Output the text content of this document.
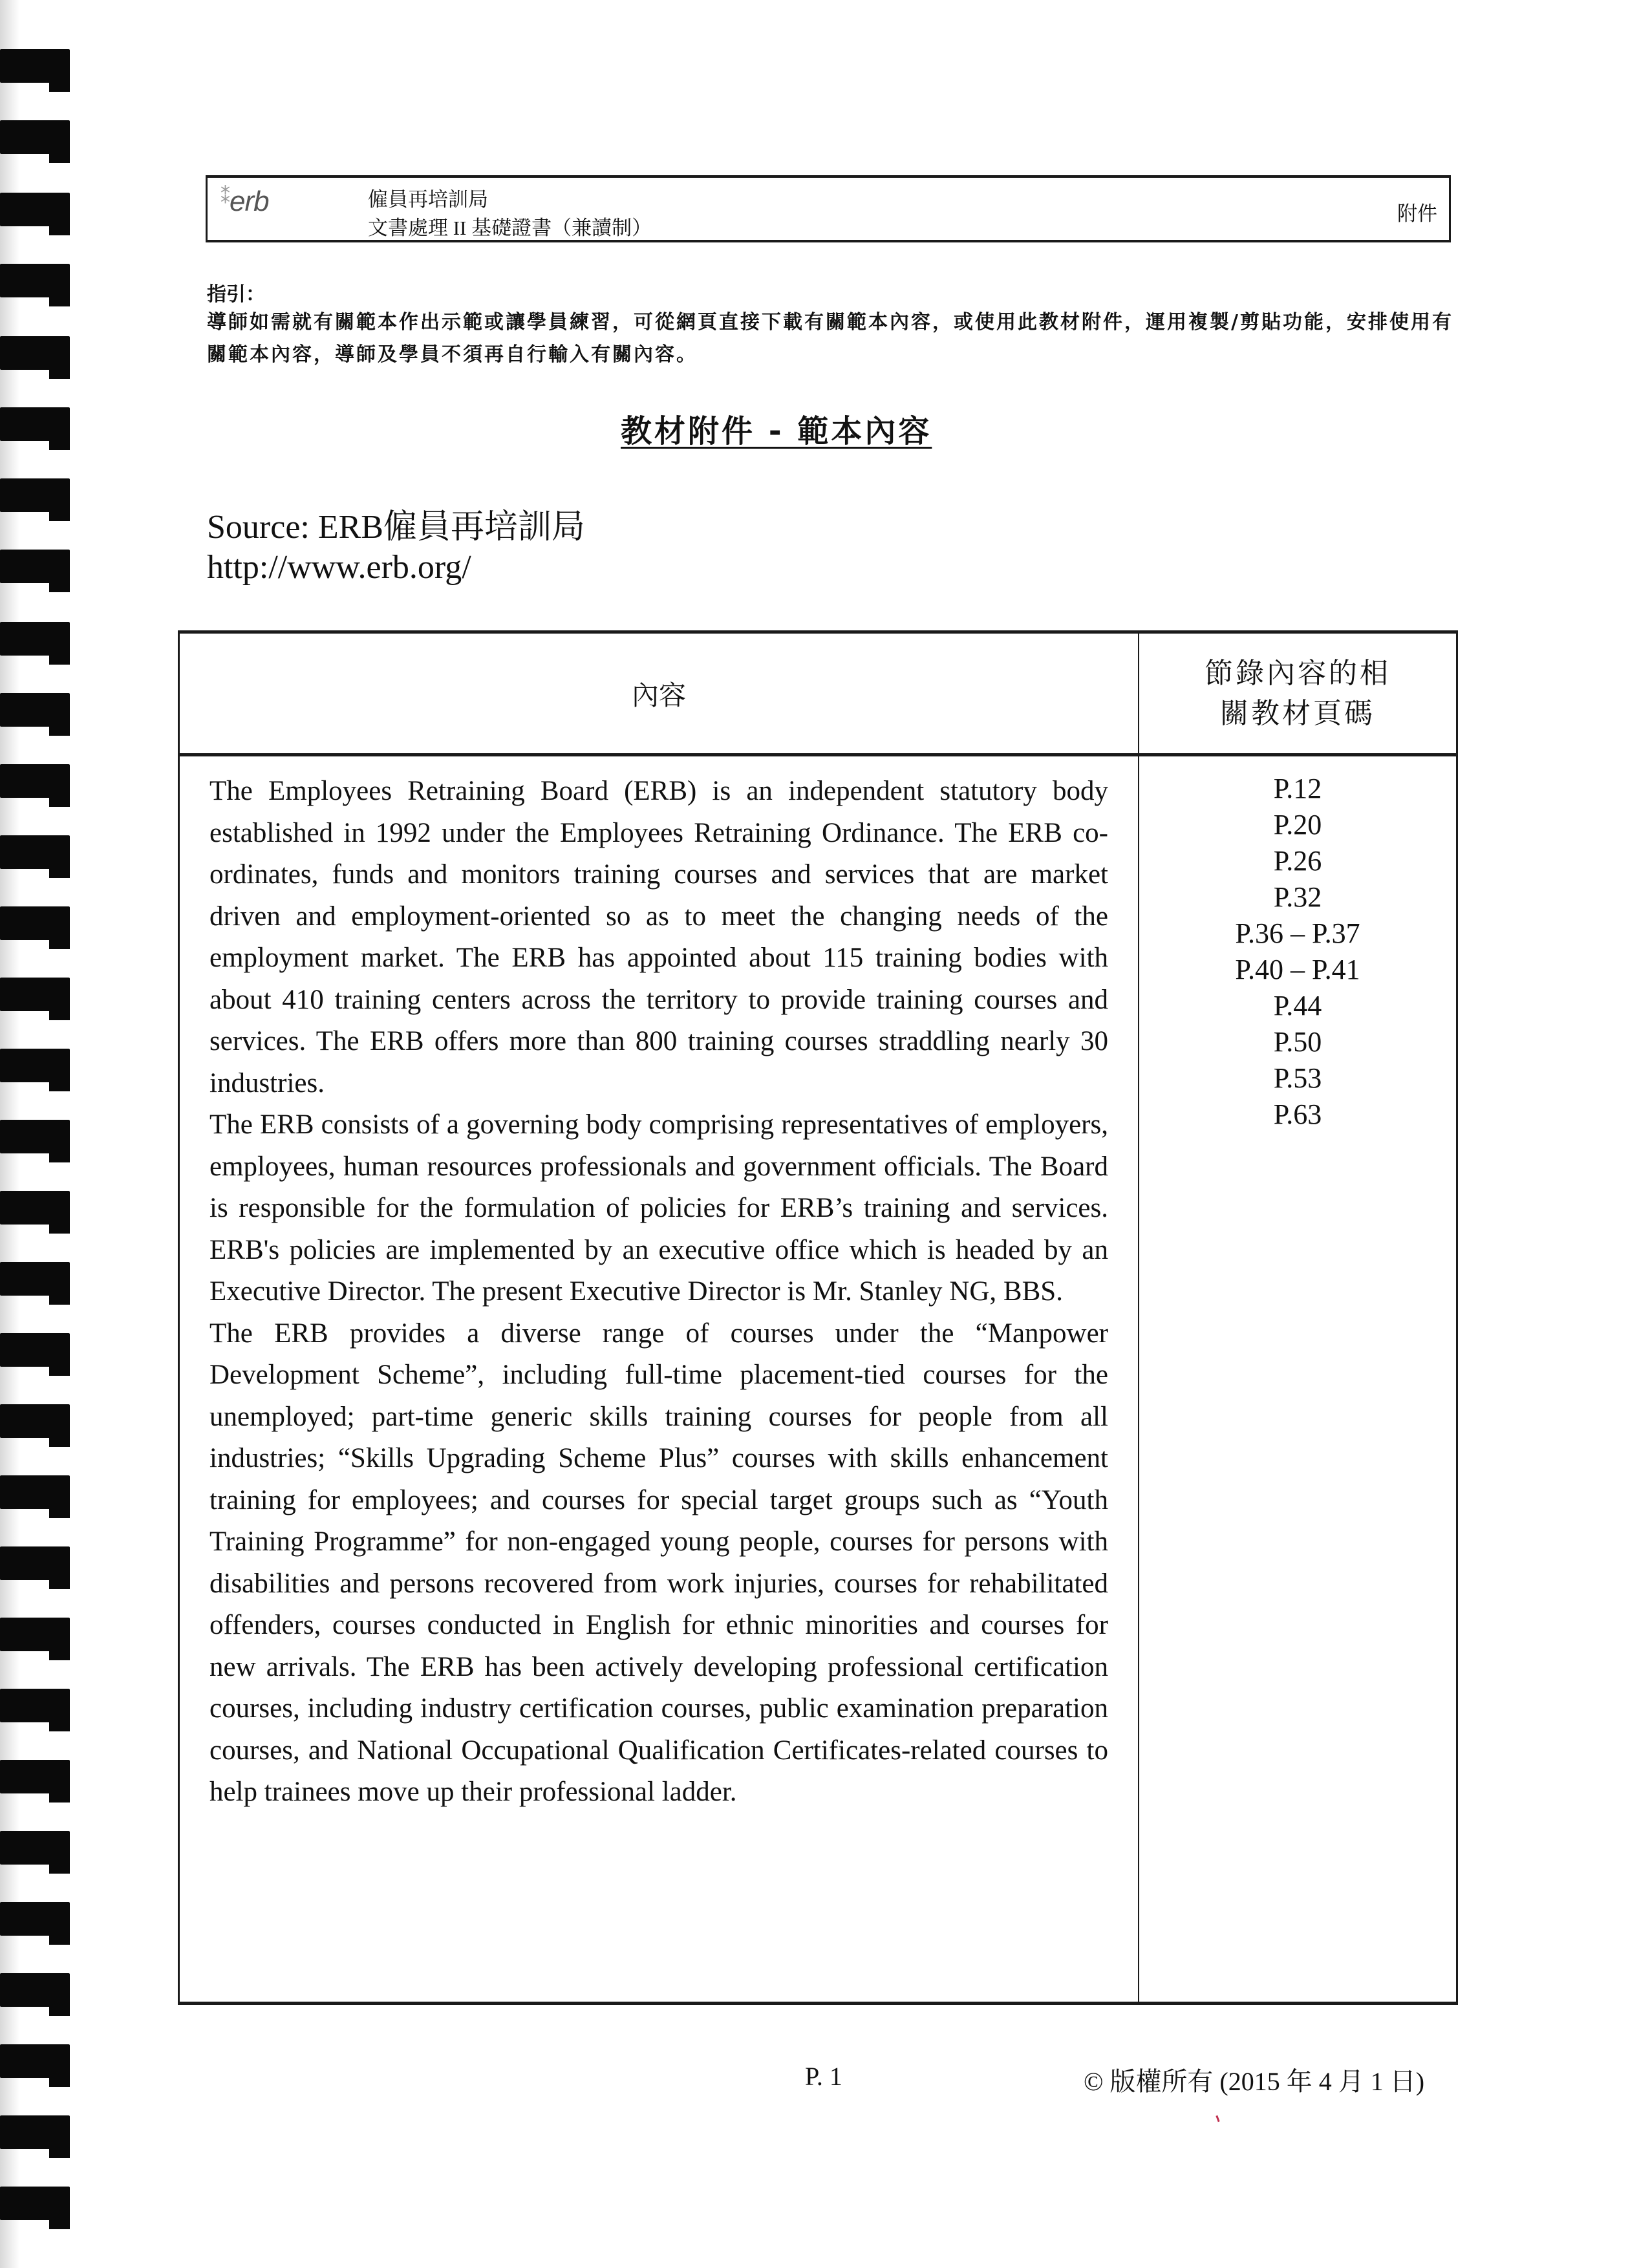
⁑erb	僱員再培訓局
文書處理 II 基礎證書（兼讀制）
附件
指引：
導師如需就有關範本作出示範或讓學員練習，可從網頁直接下載有關範本內容，或使用此教材附件，運用複製/剪貼功能，安排使用有關範本內容，導師及學員不須再自行輸入有關內容。
教材附件 - 範本內容
Source: ERB僱員再培訓局
http://www.erb.org/
內容
節錄內容的相
關教材頁碼

The Employees Retraining Board (ERB) is an independent statutory body established in 1992 under the Employees Retraining Ordinance. The ERB co-ordinates, funds and monitors training courses and services that are market driven and employment-oriented so as to meet the changing needs of the employment market. The ERB has appointed about 115 training bodies with about 410 training centers across the territory to provide training courses and services. The ERB offers more than 800 training courses straddling nearly 30 industries.

The ERB consists of a governing body comprising representatives of employers, employees, human resources professionals and government officials. The Board is responsible for the formulation of policies for ERB’s training and services. ERB's policies are implemented by an executive office which is headed by an Executive Director. The present Executive Director is Mr. Stanley NG, BBS.

The ERB provides a diverse range of courses under the “Manpower Development Scheme”, including full-time placement-tied courses for the unemployed; part-time generic skills training courses for people from all industries; “Skills Upgrading Scheme Plus” courses with skills enhancement training for employees; and courses for special target groups such as “Youth Training Programme” for non-engaged young people, courses for persons with disabilities and persons recovered from work injuries, courses for rehabilitated offenders, courses conducted in English for ethnic minorities and courses for new arrivals. The ERB has been actively developing professional certification courses, including industry certification courses, public examination preparation courses, and National Occupational Qualification Certificates-related courses to help trainees move up their professional ladder.

P.12
P.20
P.26
P.32
P.36 – P.37
P.40 – P.41
P.44
P.50
P.53
P.63
P. 1	© 版權所有 (2015 年 4 月 1 日)
